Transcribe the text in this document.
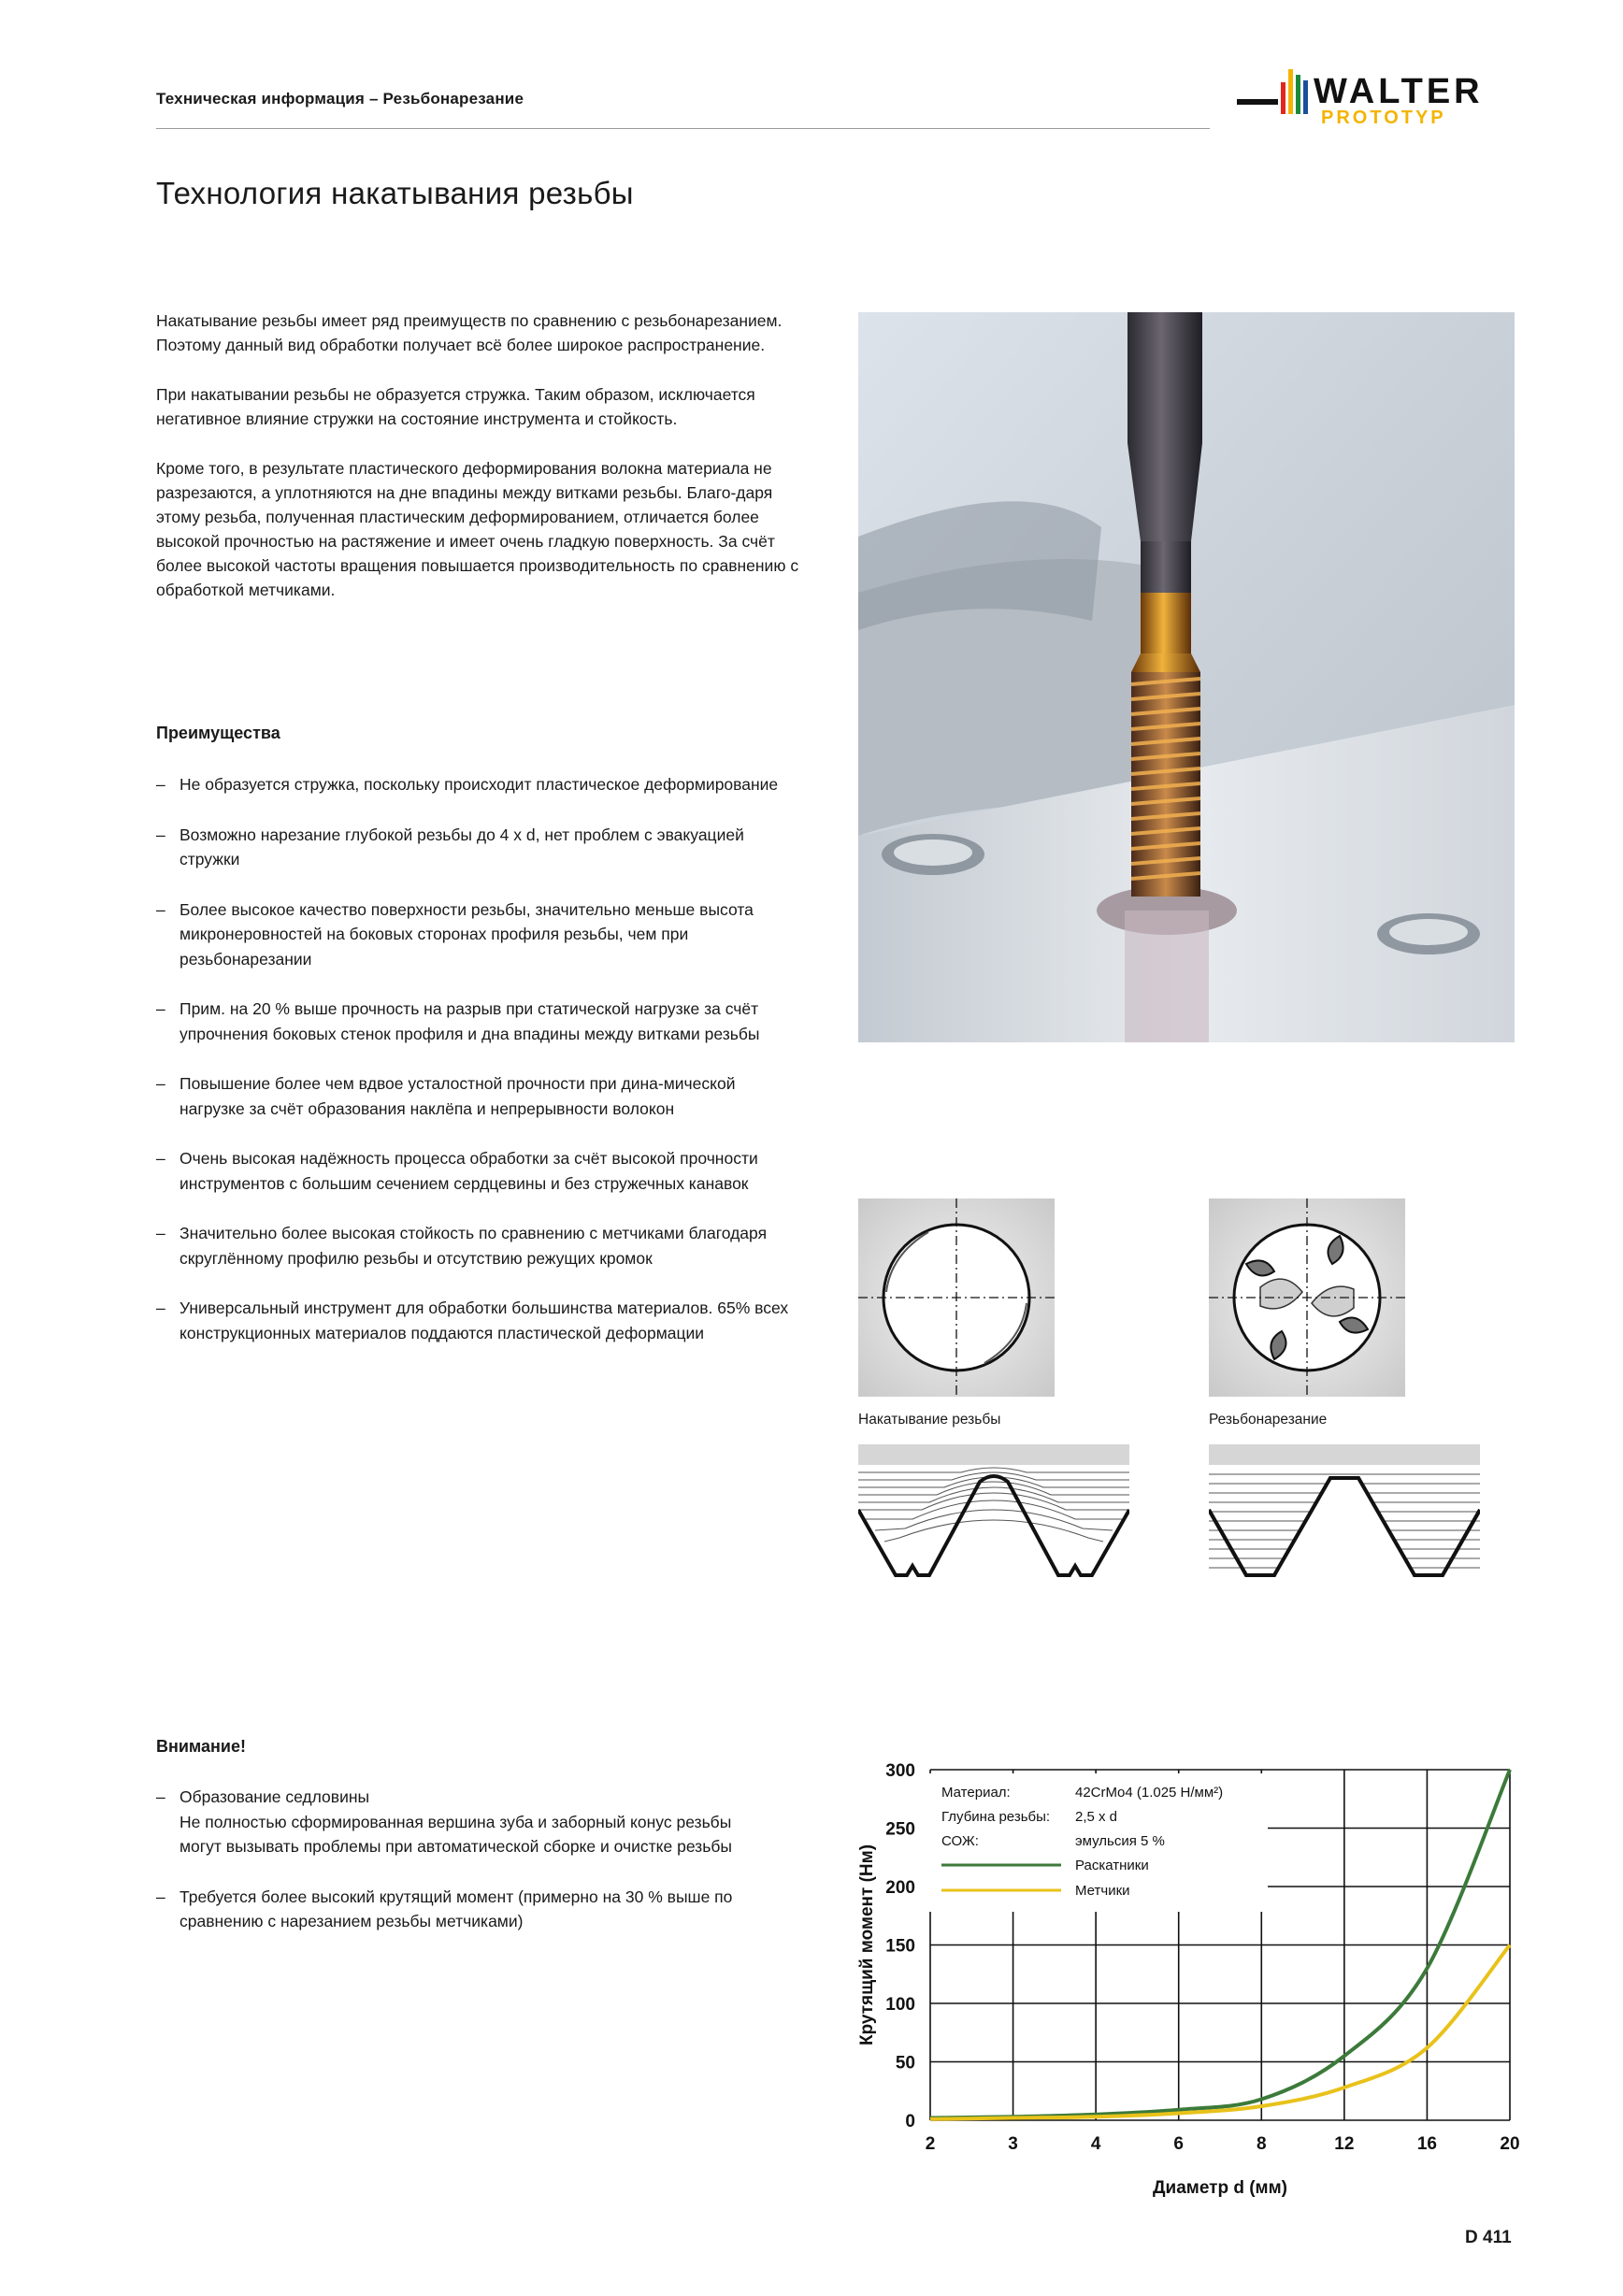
Техническая информация – Резьбонарезание	WALTER
PROTOTYP
Технология накатывания резьбы

Накатывание резьбы имеет ряд преимуществ по сравнению с резьбонарезанием. Поэтому данный вид обработки получает всё более широкое распространение.

При накатывании резьбы не образуется стружка. Таким образом, исключается негативное влияние стружки на состояние инструмента и стойкость.

Кроме того, в результате пластического деформирования волокна материала не разрезаются, а уплотняются на дне впадины между витками резьбы. Благо-даря этому резьба, полученная пластическим деформированием, отличается более высокой прочностью на растяжение и имеет очень гладкую поверхность. За счёт более высокой частоты вращения повышается производительность по сравнению с обработкой метчиками.

Преимущества
– Не образуется стружка, поскольку происходит пластическое деформирование
– Возможно нарезание глубокой резьбы до 4 x d, нет проблем с эвакуацией стружки
– Более высокое качество поверхности резьбы, значительно меньше высота микронеровностей на боковых сторонах профиля резьбы, чем при резьбонарезании
– Прим. на 20 % выше прочность на разрыв при статической нагрузке за счёт упрочнения боковых стенок профиля и дна впадины между витками резьбы
– Повышение более чем вдвое усталостной прочности при дина-мической нагрузке за счёт образования наклёпа и непрерывности волокон
– Очень высокая надёжность процесса обработки за счёт высокой прочности инструментов с большим сечением сердцевины и без стружечных канавок
– Значительно более высокая стойкость по сравнению с метчиками благодаря скруглённому профилю резьбы и отсутствию режущих кромок
– Универсальный инструмент для обработки большинства материалов. 65% всех конструкционных материалов поддаются пластической деформации
Накатывание резьбы	Резьбонарезание
Внимание!
– Образование седловины
Не полностью сформированная вершина зуба и заборный конус резьбы могут вызывать проблемы при автоматической сборке и очистке резьбы
– Требуется более высокий крутящий момент (примерно на 30 % выше по сравнению с нарезанием резьбы метчиками)
2	3	4	6	8	12	16	20
0
50
100
150
200
250
300
Материал:	42CrMo4 (1.025 Н/мм²)
Глубина резьбы: 2,5 x d
СОЖ:	эмульсия 5 %
Раскатники
Метчики
Диаметр d (мм)
Крутящий момент (Нм)
D 411
